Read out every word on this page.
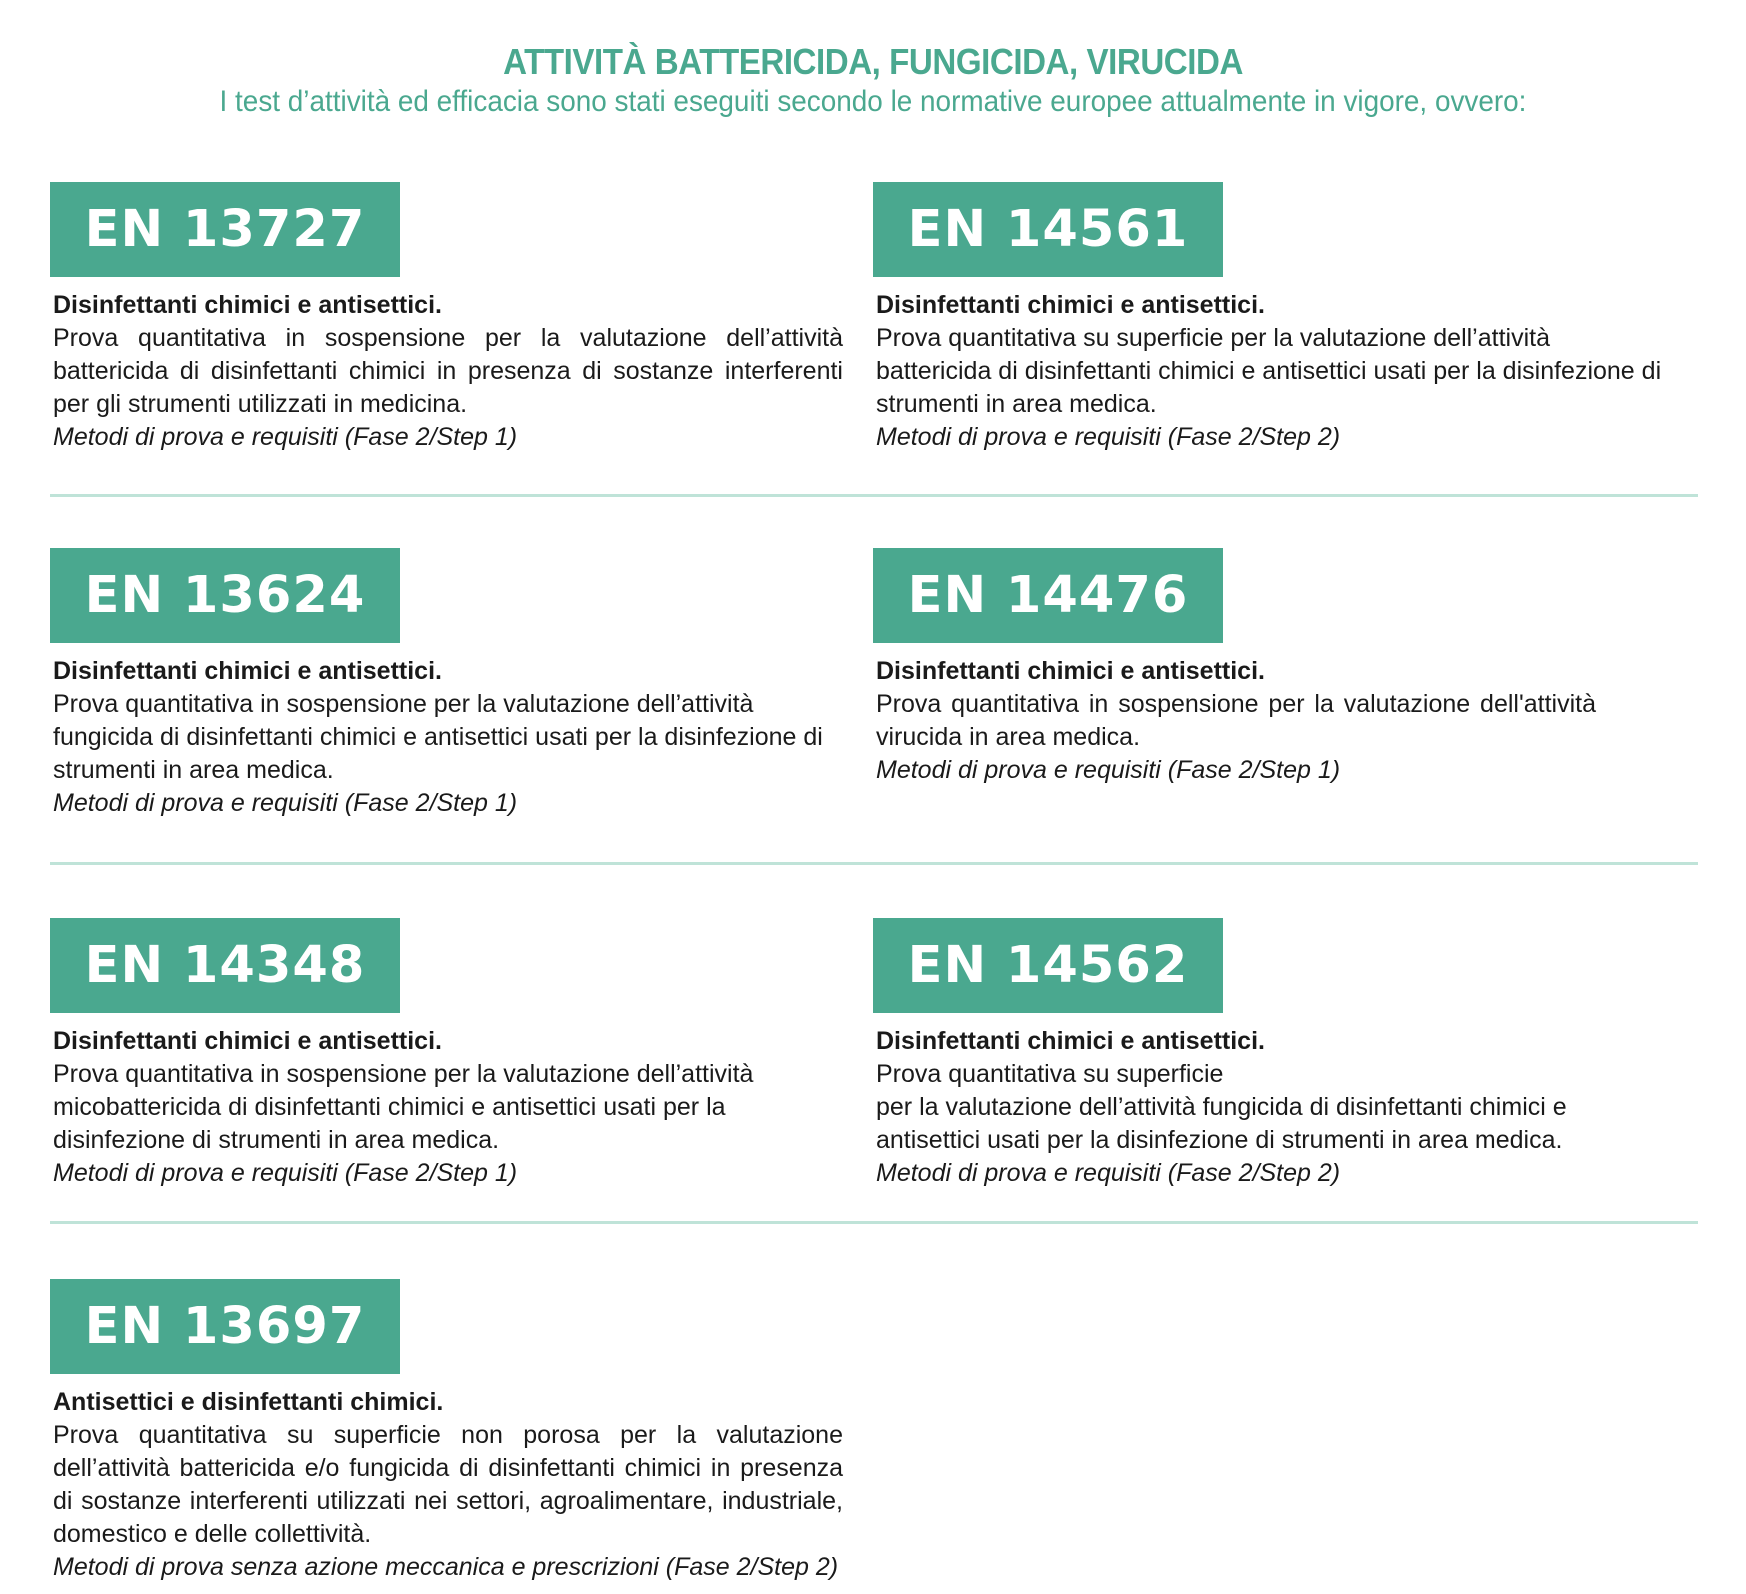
ATTIVITÀ BATTERICIDA, FUNGICIDA, VIRUCIDA
I test d’attività ed efficacia sono stati eseguiti secondo le normative europee attualmente in vigore, ovvero:
EN 13727
Disinfettanti chimici e antisettici.
Prova quantitativa in sospensione per la valutazione dell’attività battericida di disinfettanti chimici in presenza di sostanze interferenti per gli strumenti utilizzati in medicina.
Metodi di prova e requisiti (Fase 2/Step 1)
EN 14561
Disinfettanti chimici e antisettici.
Prova quantitativa su superficie per la valutazione dell’attività battericida di disinfettanti chimici e antisettici usati per la disinfezione di strumenti in area medica.
Metodi di prova e requisiti (Fase 2/Step 2)
EN 13624
Disinfettanti chimici e antisettici.
Prova quantitativa in sospensione per la valutazione dell’attività fungicida di disinfettanti chimici e antisettici usati per la disinfezione di strumenti in area medica.
Metodi di prova e requisiti (Fase 2/Step 1)
EN 14476
Disinfettanti chimici e antisettici.
Prova quantitativa in sospensione per la valutazione dell'attività virucida in area medica.
Metodi di prova e requisiti (Fase 2/Step 1)
EN 14348
Disinfettanti chimici e antisettici.
Prova quantitativa in sospensione per la valutazione dell’attività micobattericida di disinfettanti chimici e antisettici usati per la disinfezione di strumenti in area medica.
Metodi di prova e requisiti (Fase 2/Step 1)
EN 14562
Disinfettanti chimici e antisettici.
Prova quantitativa su superficie
per la valutazione dell’attività fungicida di disinfettanti chimici e antisettici usati per la disinfezione di strumenti in area medica.
Metodi di prova e requisiti (Fase 2/Step 2)
EN 13697
Antisettici e disinfettanti chimici.
Prova quantitativa su superficie non porosa per la valutazione dell’attività battericida e/o fungicida di disinfettanti chimici in presenza di sostanze interferenti utilizzati nei settori, agroalimentare, industriale, domestico e delle collettività.
Metodi di prova senza azione meccanica e prescrizioni (Fase 2/Step 2)
